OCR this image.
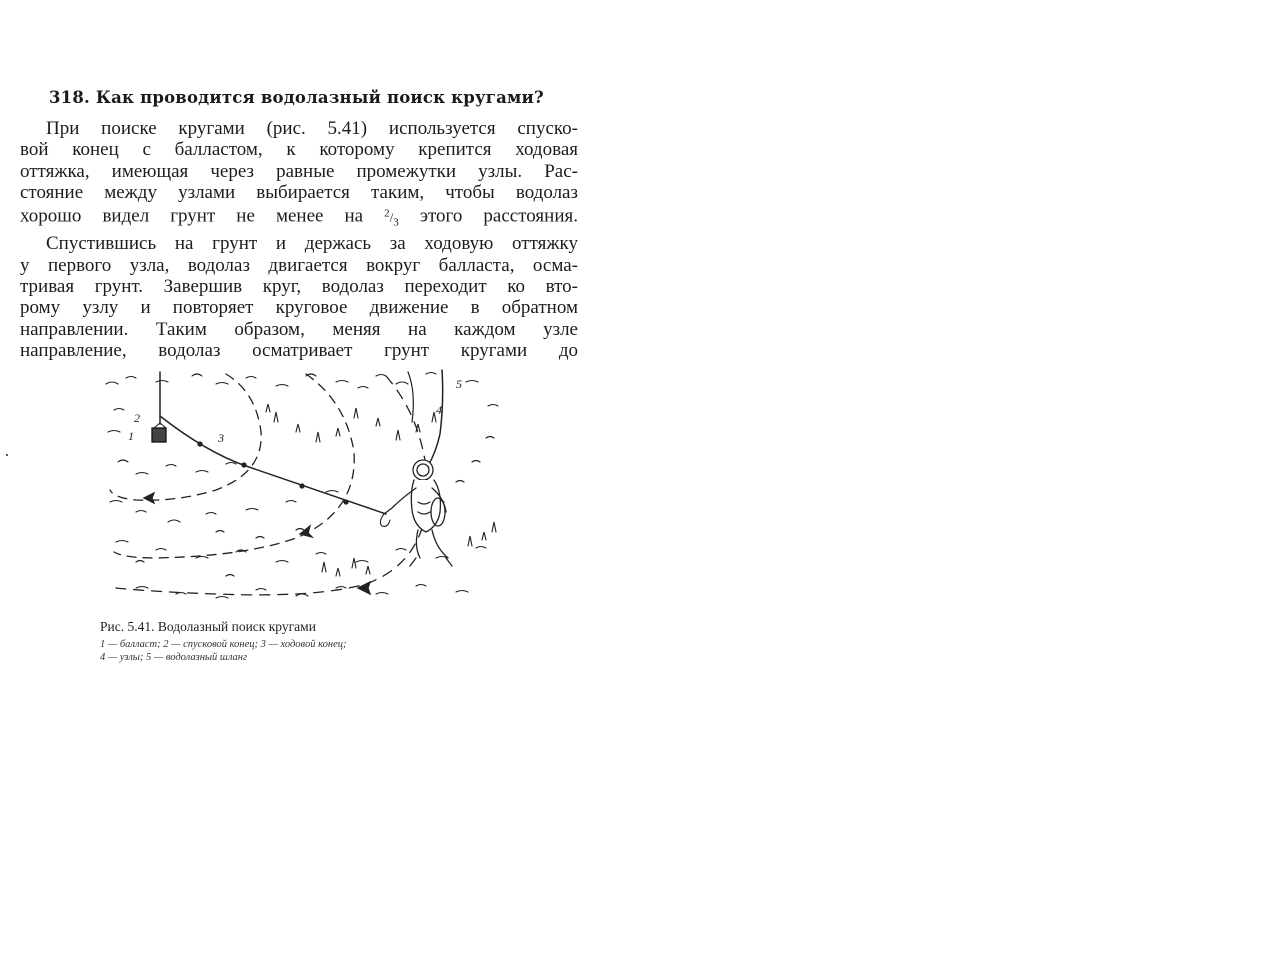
318. Как проводится водолазный поиск кругами?
При поиске кругами (рис. 5.41) используется спуско-
вой конец с балластом, к которому крепится ходовая
оттяжка, имеющая через равные промежутки узлы. Рас-
стояние между узлами выбирается таким, чтобы водолаз
хорошо видел грунт не менее на $^2/_3$ этого расстояния.
Спустившись на грунт и держась за ходовую оттяжку
у первого узла, водолаз двигается вокруг балласта, осма-
тривая грунт. Завершив круг, водолаз переходит ко вто-
рому узлу и повторяет круговое движение в обратном
направлении. Таким образом, меняя на каждом узле
направление, водолаз осматривает грунт кругами до
1
2
3
4
5
Рис. 5.41. Водолазный поиск кругами
1 — балласт; 2 — спусковой конец; 3 — ходовой конец;
4 — узлы; 5 — водолазный шланг
